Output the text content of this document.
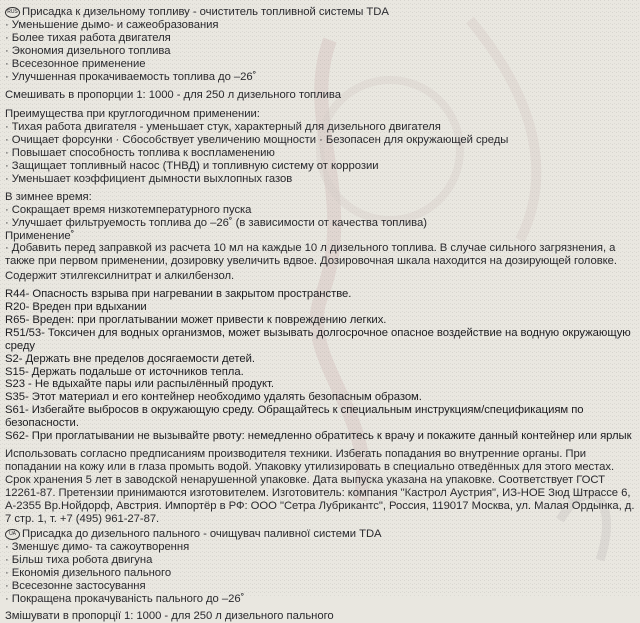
RUS Присадка к дизельному топливу - очиститель топливной системы TDA
· Уменьшение дымо- и сажеобразования
· Более тихая работа двигателя
· Экономия дизельного топлива
· Всесезонное применение
· Улучшенная прокачиваемость топлива до –26˚
Смешивать в пропорции 1: 1000 - для 250 л дизельного топлива
Преимущества при круглогодичном применении:
· Тихая работа двигателя - уменьшает стук, характерный для дизельного двигателя
· Очищает форсунки · Сбособствует увеличению мощности · Безопасен для окружающей среды
· Повышает способность топлива к воспламенению
· Защищает топливный насос (ТНВД) и топливную систему от коррозии
· Уменьшает коэффициент дымности выхлопных газов
В зимнее время:
· Сокращает время низкотемпературного пуска
· Улучшает фильтруемость топлива до –26˚ (в зависимости от качества топлива)
Применение˚
· Добавить перед заправкой из расчета 10 мл на каждые 10 л дизельного топлива. В случае сильного загрязнения, а также при первом применении, дозировку увеличить вдвое. Дозировочная шкала находится на дозирующей головке.
Содержит этилгексилнитрат и алкилбензол.
R44- Опасность взрыва при нагревании в закрытом пространстве.
R20- Вреден при вдыхании
R65- Вреден: при проглатывании может привести к повреждению легких.
R51/53- Токсичен для водных организмов, может вызывать долгосрочное опасное воздействие на водную окружающую среду
S2- Держать вне пределов досягаемости детей.
S15- Держать подальше от источников тепла.
S23 - Не вдыхайте пары или распылённый продукт.
S35- Этот материал и его контейнер необходимо удалять безопасным образом.
S61- Избегайте выбросов в окружающую среду. Обращайтесь к специальным инструкциям/спецификациям по безопасности.
S62- При проглатывании не вызывайте рвоту: немедленно обратитесь к врачу и покажите данный контейнер или ярлык
Использовать согласно предписаниям производителя техники. Избегать попадания во внутренние органы. При попадании на кожу или в глаза промыть водой. Упаковку утилизировать в специально отведённых для этого местах. Срок хранения 5 лет в заводской ненарушенной упаковке. Дата выпуска указана на упаковке. Соответствует ГОСТ 12261-87. Претензии принимаются изготовителем. Изготовитель: компания "Кастрол Аустрия", ИЗ-НОЕ Зюд Штрассе 6, А-2355 Вр.Нойдорф, Австрия. Импортёр в РФ: ООО "Сетра Лубрикантс", Россия, 119017 Москва, ул. Малая Ордынка, д. 7 стр. 1, т. +7 (495) 961-27-87.
UA Присадка до дизельного пального - очищувач паливної системи TDA
· Зменшує димо- та сажоутворення
· Більш тиха робота двигуна
· Економія дизельного пального
· Всесезонне застосування
· Покращена прокачуваність пального до –26˚
Змішувати в пропорції 1: 1000 - для 250 л дизельного пального
